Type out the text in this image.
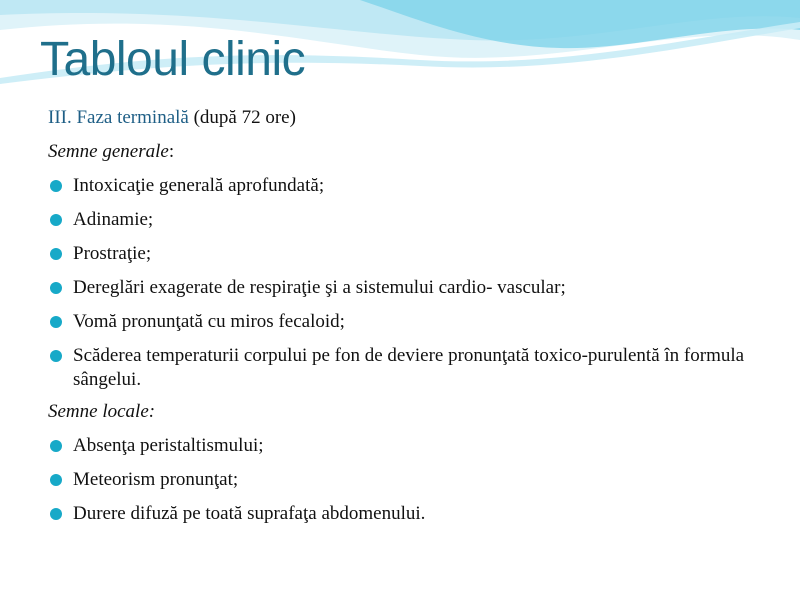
Tabloul clinic
III. Faza terminală (după 72 ore)
Semne generale:
Intoxicaţie generală aprofundată;
Adinamie;
Prostraţie;
Dereglări exagerate de respiraţie şi a sistemului cardio- vascular;
Vomă pronunţată cu miros fecaloid;
Scăderea temperaturii corpului pe fon de deviere pronunţată toxico-purulentă în formula sângelui.
Semne locale:
Absenţa peristaltismului;
Meteorism pronunţat;
Durere difuză pe toată suprafaţa abdomenului.
